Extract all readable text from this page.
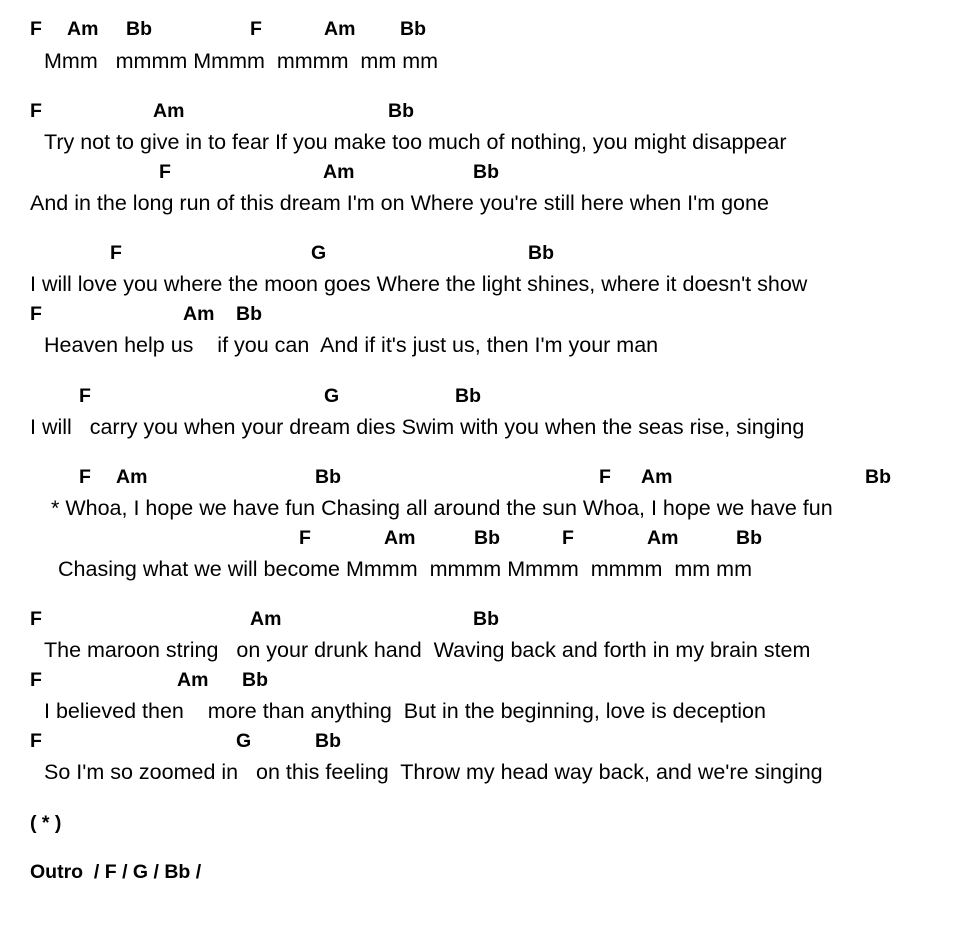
F

Am

Bb

	F

	Am

Bb

Mmm   mmmm Mmmm  mmmm  mm mm

F

	Am

	Bb

Try not to give in to fear If you make too much of nothing, you might disappear

F

	Am

	Bb

And in the long run of this dream I'm on Where you're still here when I'm gone

F

	G

	Bb

I will love you where the moon goes Where the light shines, where it doesn't show

F

	Am

Bb

Heaven help us    if you can  And if it's just us, then I'm your man

F

	G

	Bb

I will   carry you when your dream dies Swim with you when the seas rise, singing

F

Am

	Bb

	F

Am

	Bb

* Whoa, I hope we have fun Chasing all around the sun Whoa, I hope we have fun

F

	Am

	Bb

	F

	Am

	Bb

Chasing what we will become Mmmm  mmmm Mmmm  mmmm  mm mm

F

	Am

	Bb

The maroon string   on your drunk hand  Waving back and forth in my brain stem

F

	Am

Bb

I believed then    more than anything  But in the beginning, love is deception

F

	G

	Bb

So I'm so zoomed in   on this feeling  Throw my head way back, and we're singing
( * )
Outro  / F / G / Bb /
